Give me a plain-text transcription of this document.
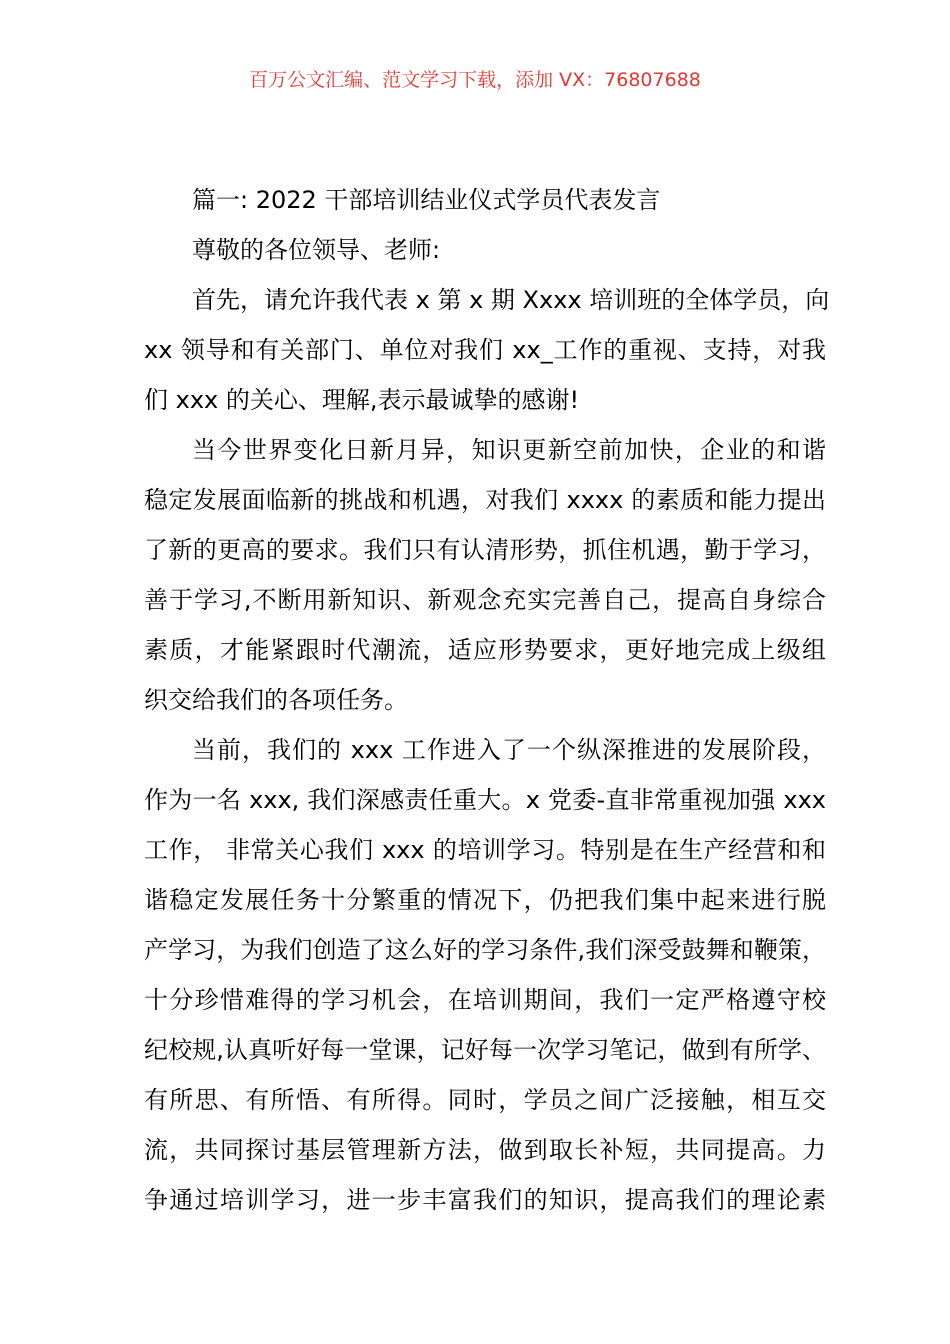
百万公文汇编、范文学习下载，添加 VX：76807688
篇一: 2022 干部培训结业仪式学员代表发言
尊敬的各位领导、老师:
首先，请允许我代表 x 第 x 期 Xxxx 培训班的全体学员，向
xx 领导和有关部门、单位对我们 xx_工作的重视、支持，对我
们 xxx 的关心、理解,表示最诚挚的感谢!
当今世界变化日新月异，知识更新空前加快，企业的和谐
稳定发展面临新的挑战和机遇，对我们 xxxx 的素质和能力提出
了新的更高的要求。我们只有认清形势，抓住机遇，勤于学习，
善于学习,不断用新知识、新观念充实完善自己，提高自身综合
素质，才能紧跟时代潮流，适应形势要求，更好地完成上级组
织交给我们的各项任务。
当前，我们的 xxx 工作进入了一个纵深推进的发展阶段，
作为一名 xxx, 我们深感责任重大。x 党委-直非常重视加强 xxx
工作， 非常关心我们 xxx 的培训学习。特别是在生产经营和和
谐稳定发展任务十分繁重的情况下，仍把我们集中起来进行脱
产学习，为我们创造了这么好的学习条件,我们深受鼓舞和鞭策，
十分珍惜难得的学习机会，在培训期间，我们一定严格遵守校
纪校规,认真听好每一堂课，记好每一次学习笔记，做到有所学、
有所思、有所悟、有所得。同时，学员之间广泛接触，相互交
流，共同探讨基层管理新方法，做到取长补短，共同提高。力
争通过培训学习，进一步丰富我们的知识，提高我们的理论素
